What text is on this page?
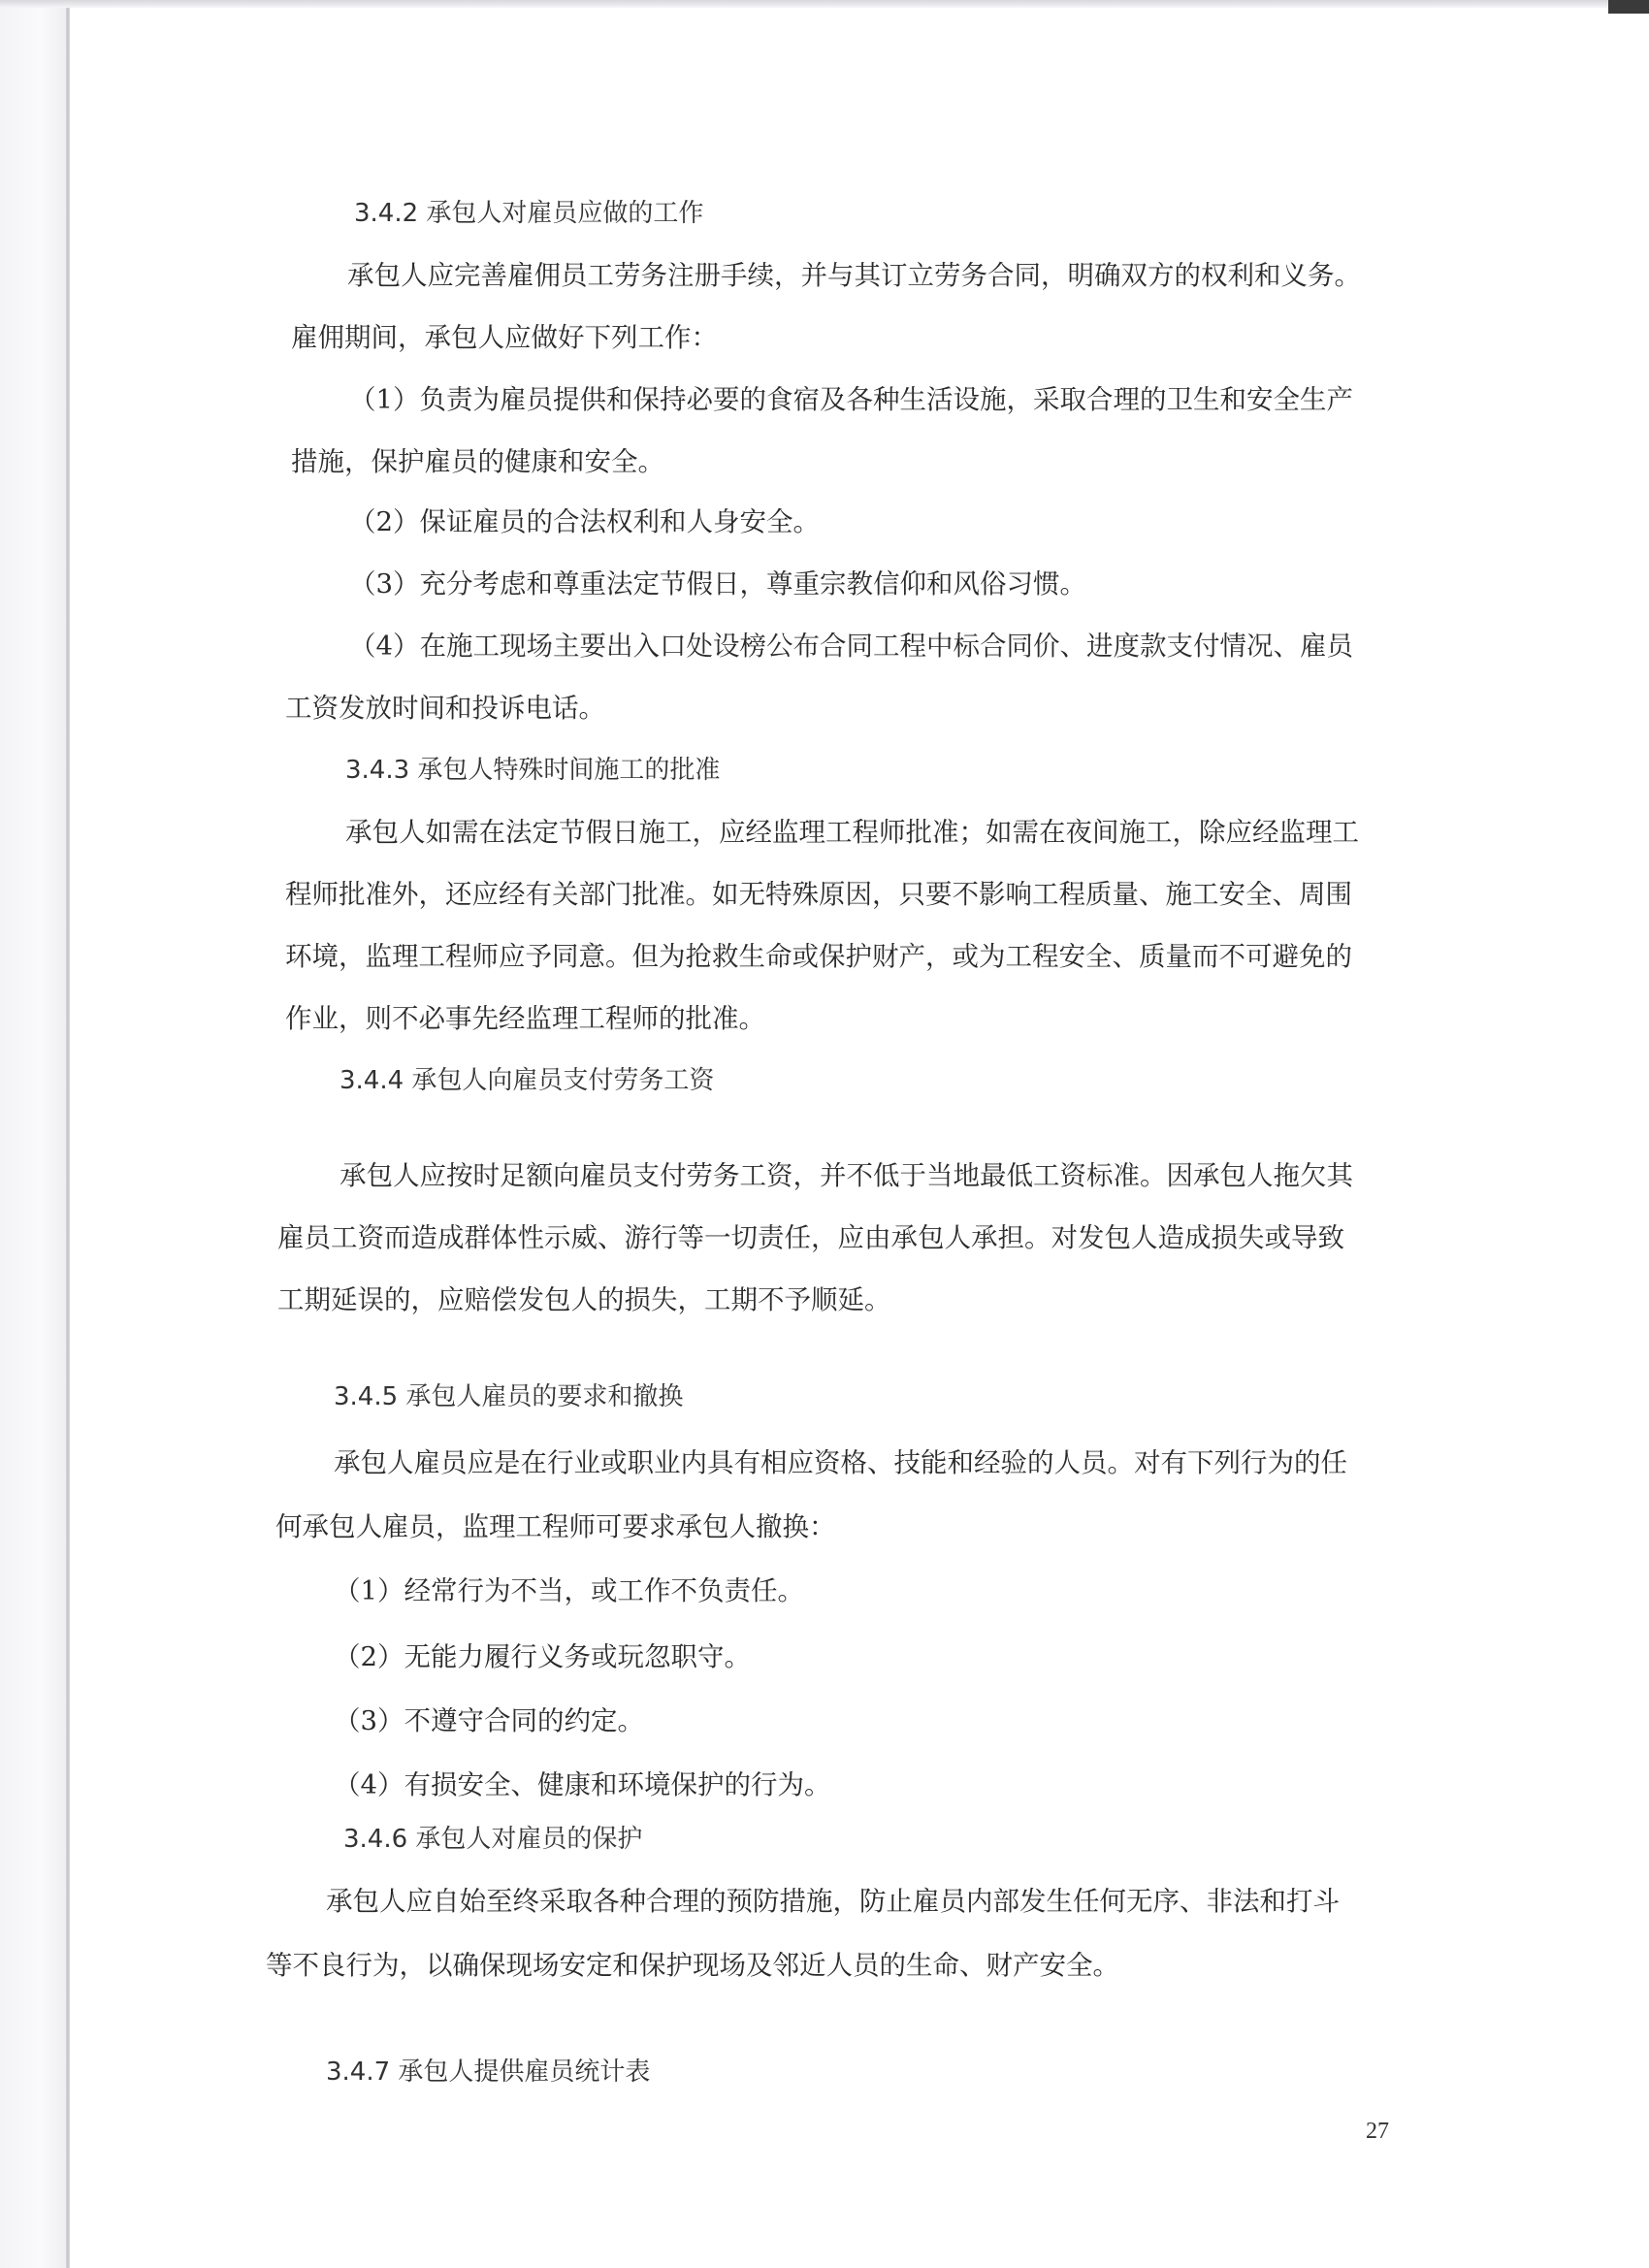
3.4.2 承包人对雇员应做的工作
承包人应完善雇佣员工劳务注册手续，并与其订立劳务合同，明确双方的权利和义务。
雇佣期间，承包人应做好下列工作：
（1）负责为雇员提供和保持必要的食宿及各种生活设施，采取合理的卫生和安全生产
措施，保护雇员的健康和安全。
（2）保证雇员的合法权利和人身安全。
（3）充分考虑和尊重法定节假日，尊重宗教信仰和风俗习惯。
（4）在施工现场主要出入口处设榜公布合同工程中标合同价、进度款支付情况、雇员
工资发放时间和投诉电话。
3.4.3 承包人特殊时间施工的批准
承包人如需在法定节假日施工，应经监理工程师批准；如需在夜间施工，除应经监理工
程师批准外，还应经有关部门批准。如无特殊原因，只要不影响工程质量、施工安全、周围
环境，监理工程师应予同意。但为抢救生命或保护财产，或为工程安全、质量而不可避免的
作业，则不必事先经监理工程师的批准。
3.4.4 承包人向雇员支付劳务工资
承包人应按时足额向雇员支付劳务工资，并不低于当地最低工资标准。因承包人拖欠其
雇员工资而造成群体性示威、游行等一切责任，应由承包人承担。对发包人造成损失或导致
工期延误的，应赔偿发包人的损失，工期不予顺延。
3.4.5 承包人雇员的要求和撤换
承包人雇员应是在行业或职业内具有相应资格、技能和经验的人员。对有下列行为的任
何承包人雇员，监理工程师可要求承包人撤换：
（1）经常行为不当，或工作不负责任。
（2）无能力履行义务或玩忽职守。
（3）不遵守合同的约定。
（4）有损安全、健康和环境保护的行为。
3.4.6 承包人对雇员的保护
承包人应自始至终采取各种合理的预防措施，防止雇员内部发生任何无序、非法和打斗
等不良行为，以确保现场安定和保护现场及邻近人员的生命、财产安全。
3.4.7 承包人提供雇员统计表
27
